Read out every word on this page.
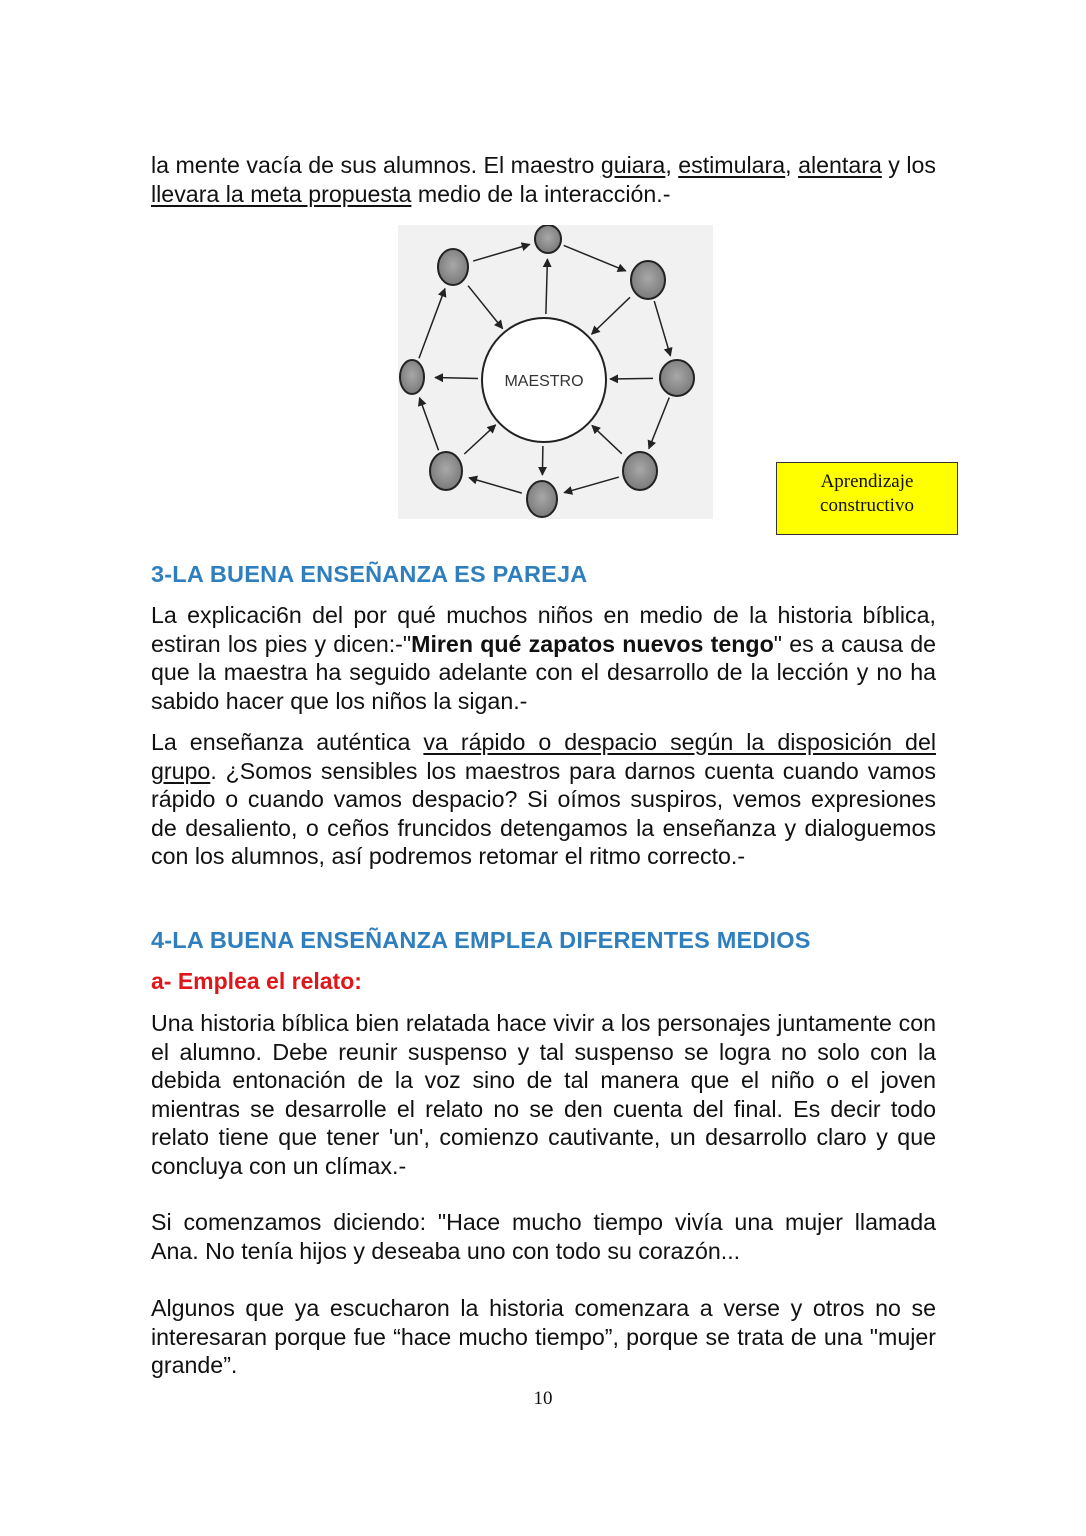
la mente vacía de sus alumnos. El maestro guiara, estimulara, alentara y los llevara la meta propuesta medio de la interacción.-

MAESTRO
Aprendizaje
constructivo
3-LA BUENA ENSEÑANZA ES PAREJA

La explicaci6n del por qué muchos niños en medio de la historia bíblica, estiran los pies y dicen:-"Miren qué zapatos nuevos tengo" es a causa de que la maestra ha seguido adelante con el desarrollo de la lección y no ha sabido hacer que los niños la sigan.-

La enseñanza auténtica va rápido o despacio según la disposición del grupo. ¿Somos sensibles los maestros para darnos cuenta cuando vamos rápido o cuando vamos despacio? Si oímos suspiros, vemos expresiones de desaliento, o ceños fruncidos detengamos la enseñanza y dialoguemos con los alumnos, así podremos retomar el ritmo correcto.-

4-LA BUENA ENSEÑANZA EMPLEA DIFERENTES MEDIOS
a- Emplea el relato:

Una historia bíblica bien relatada hace vivir a los personajes juntamente con el alumno. Debe reunir suspenso y tal suspenso se logra no solo con la debida entonación de la voz sino de tal manera que el niño o el joven mientras se desarrolle el relato no se den cuenta del final. Es decir todo relato tiene que tener 'un', comienzo cautivante, un desarrollo claro y que concluya con un clímax.-

Si comenzamos diciendo: "Hace mucho tiempo vivía una mujer llamada Ana. No tenía hijos y deseaba uno con todo su corazón...

Algunos que ya escucharon la historia comenzara a verse y otros no se interesaran porque fue “hace mucho tiempo”, porque se trata de una "mujer grande”.

10
